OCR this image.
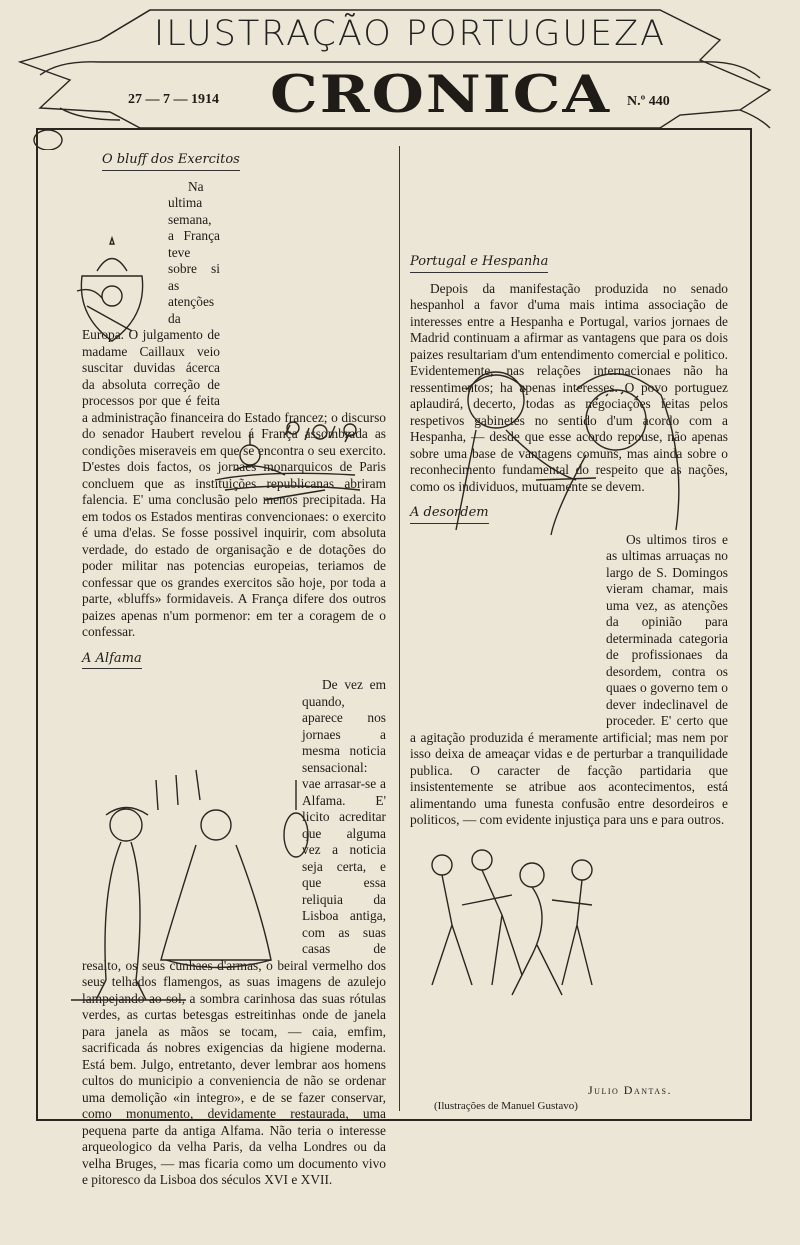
ILUSTRAÇÃO PORTUGUEZA
CRONICA
27 — 7 — 1914	N.º 440
O bluff dos Exercitos

Na ultima semana, a França teve sobre si as atenções da Europa. O julgamento de madame Caillaux veio suscitar duvidas ácerca da absoluta correção de processos por que é feita a administração financeira do Estado francez; o discurso do senador Haubert revelou á França assombrada as condições miseraveis em que se encontra o seu exercito. D'estes dois factos, os jornaes monarquicos de Paris concluem que as instituições republicanas abriram falencia. E' uma conclusão pelo menos precipitada. Ha em todos os Estados mentiras convencionaes: o exercito é uma d'elas. Se fosse possivel inquirir, com absoluta verdade, do estado de organisação e de dotações do poder militar nas potencias europeias, teriamos de confessar que os grandes exercitos são hoje, por toda a parte, «bluffs» formidaveis. A França difere dos outros paizes apenas n'um pormenor: em ter a coragem de o confessar.

A Alfama

De vez em quando, aparece nos jornaes a mesma noticia sensacional: vae arrasar-se a Alfama. E' licito acreditar que alguma vez a noticia seja certa, e que essa reliquia da Lisboa antiga, com as suas casas de resalto, os seus cunhaes d'armas, o beiral vermelho dos seus telhados flamengos, as suas imagens de azulejo lampejando ao sol, a sombra carinhosa das suas rótulas verdes, as curtas betesgas estreitinhas onde de janela para janela as mãos se tocam, — caia, emfim, sacrificada ás nobres exigencias da higiene moderna. Está bem. Julgo, entretanto, dever lembrar aos homens cultos do municipio a conveniencia de não se ordenar uma demolição «in integro», e de se fazer conservar, como monumento, devidamente restaurada, uma pequena parte da antiga Alfama. Não teria o interesse arqueologico da velha Paris, da velha Londres ou da velha Bruges, — mas ficaria como um documento vivo e pitoresco da Lisboa dos séculos XVI e XVII.

Portugal e Hespanha

Depois da manifestação produzida no senado hespanhol a favor d'uma mais intima associação de interesses entre a Hespanha e Portugal, varios jornaes de Madrid continuam a afirmar as vantagens que para os dois paizes resultariam d'um entendimento comercial e politico. Evidentemente, nas relações internacionaes não ha ressentimentos; ha apenas interesses. O povo portuguez aplaudirá, decerto, todas as negociações feitas pelos respetivos gabinetes no sentido d'um acordo com a Hespanha, — desde que esse acordo repouse, não apenas sobre uma base de vantagens comuns, mas ainda sobre o reconhecimento fundamental do respeito que as nações, como os individuos, mutuamente se devem.

A desordem

Os ultimos tiros e as ultimas arruaças no largo de S. Domingos vieram chamar, mais uma vez, as atenções da opinião para determinada categoria de profissionaes da desordem, contra os quaes o governo tem o dever indeclinavel de proceder. E' certo que a agitação produzida é meramente artificial; mas nem por isso deixa de ameaçar vidas e de perturbar a tranquilidade publica. O caracter de facção partidaria que insistentemente se atribue aos acontecimentos, está alimentando uma funesta confusão entre desordeiros e politicos, — com evidente injustiça para uns e para outros.

Julio Dantas.
(Ilustrações de Manuel Gustavo)
